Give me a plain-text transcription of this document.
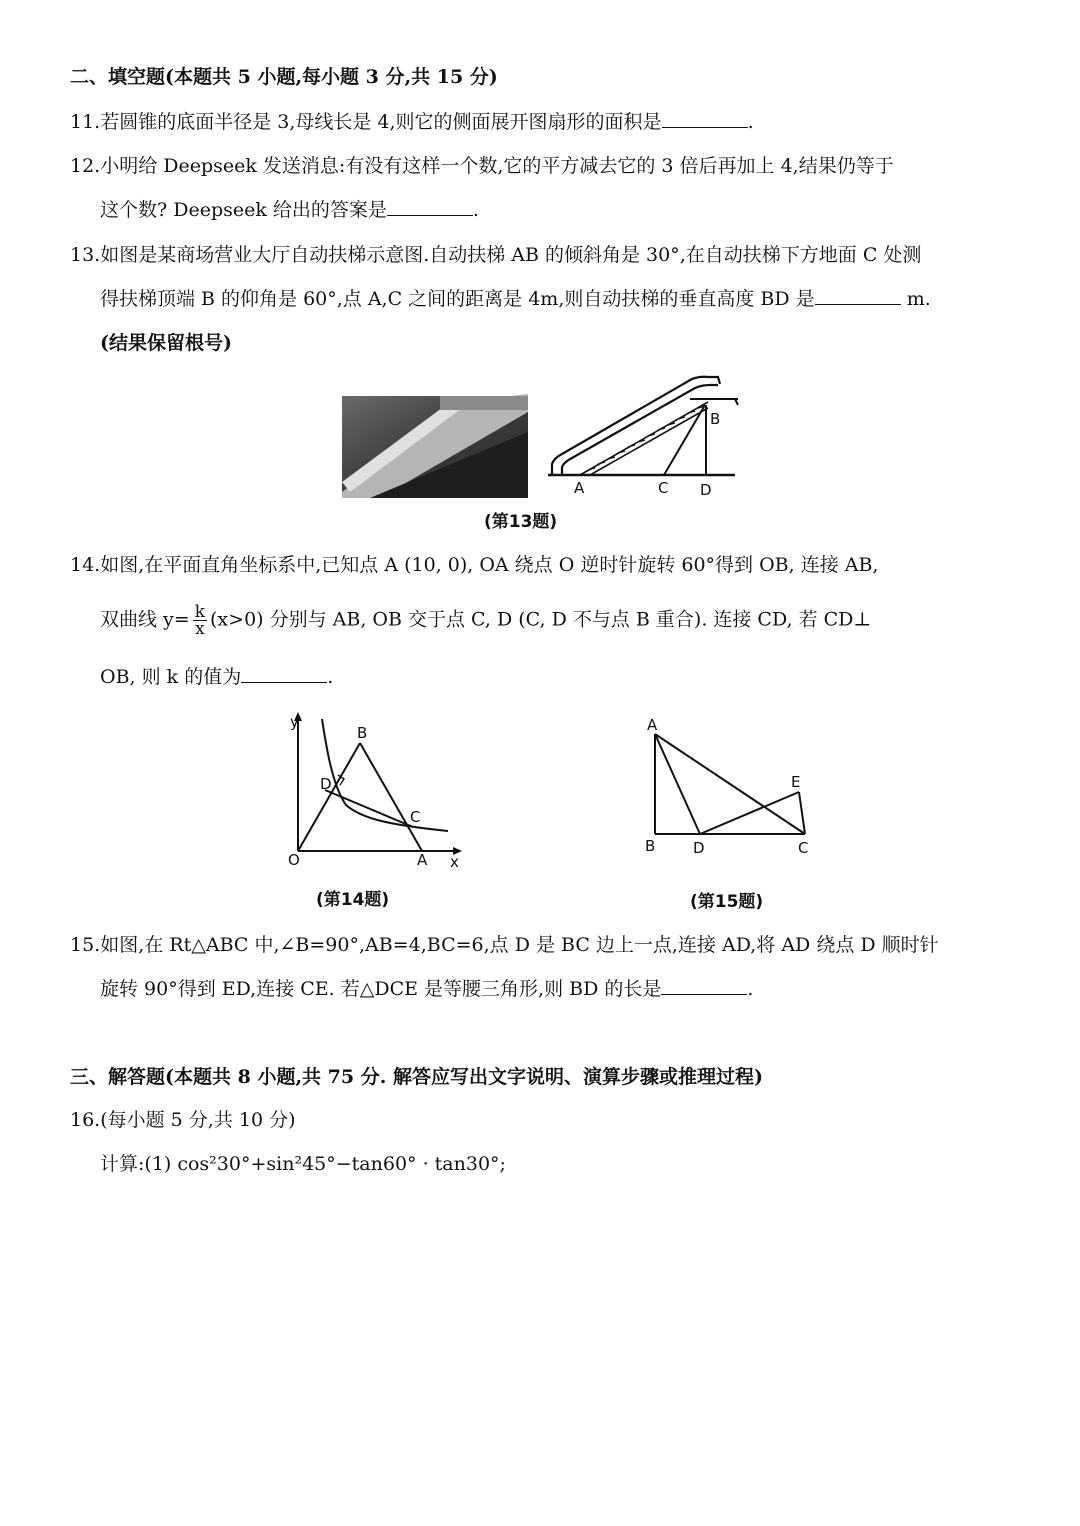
二、填空题(本题共 5 小题,每小题 3 分,共 15 分)
11.若圆锥的底面半径是 3,母线长是 4,则它的侧面展开图扇形的面积是	.
12.小明给 Deepseek 发送消息:有没有这样一个数,它的平方减去它的 3 倍后再加上 4,结果仍等于
这个数? Deepseek 给出的答案是	.
13.如图是某商场营业大厅自动扶梯示意图.自动扶梯 AB 的倾斜角是 30°,在自动扶梯下方地面 C 处测
得扶梯顶端 B 的仰角是 60°,点 A,C 之间的距离是 4m,则自动扶梯的垂直高度 BD 是	m.
(结果保留根号)
B
A	C D
(第13题)
14.如图,在平面直角坐标系中,已知点 A (10, 0), OA 绕点 O 逆时针旋转 60°得到 OB, 连接 AB,
双曲线 $y= \frac{k}{x} (x>0)$ 分别与 AB, OB 交于点 C, D (C, D 不与点 B 重合). 连接 CD, 若 CD⊥
OB, 则 k 的值为	.
y
x
O	A
B
C
D
(第14题)
A
B	D	C
E
(第15题)
15.如图,在 Rt△ABC 中,∠B=90°,AB=4,BC=6,点 D 是 BC 边上一点,连接 AD,将 AD 绕点 D 顺时针
旋转 90°得到 ED,连接 CE. 若△DCE 是等腰三角形,则 BD 的长是	.
三、解答题(本题共 8 小题,共 75 分. 解答应写出文字说明、演算步骤或推理过程)
16.(每小题 5 分,共 10 分)
计算:(1) cos²30°+sin²45°−tan60° · tan30°;
